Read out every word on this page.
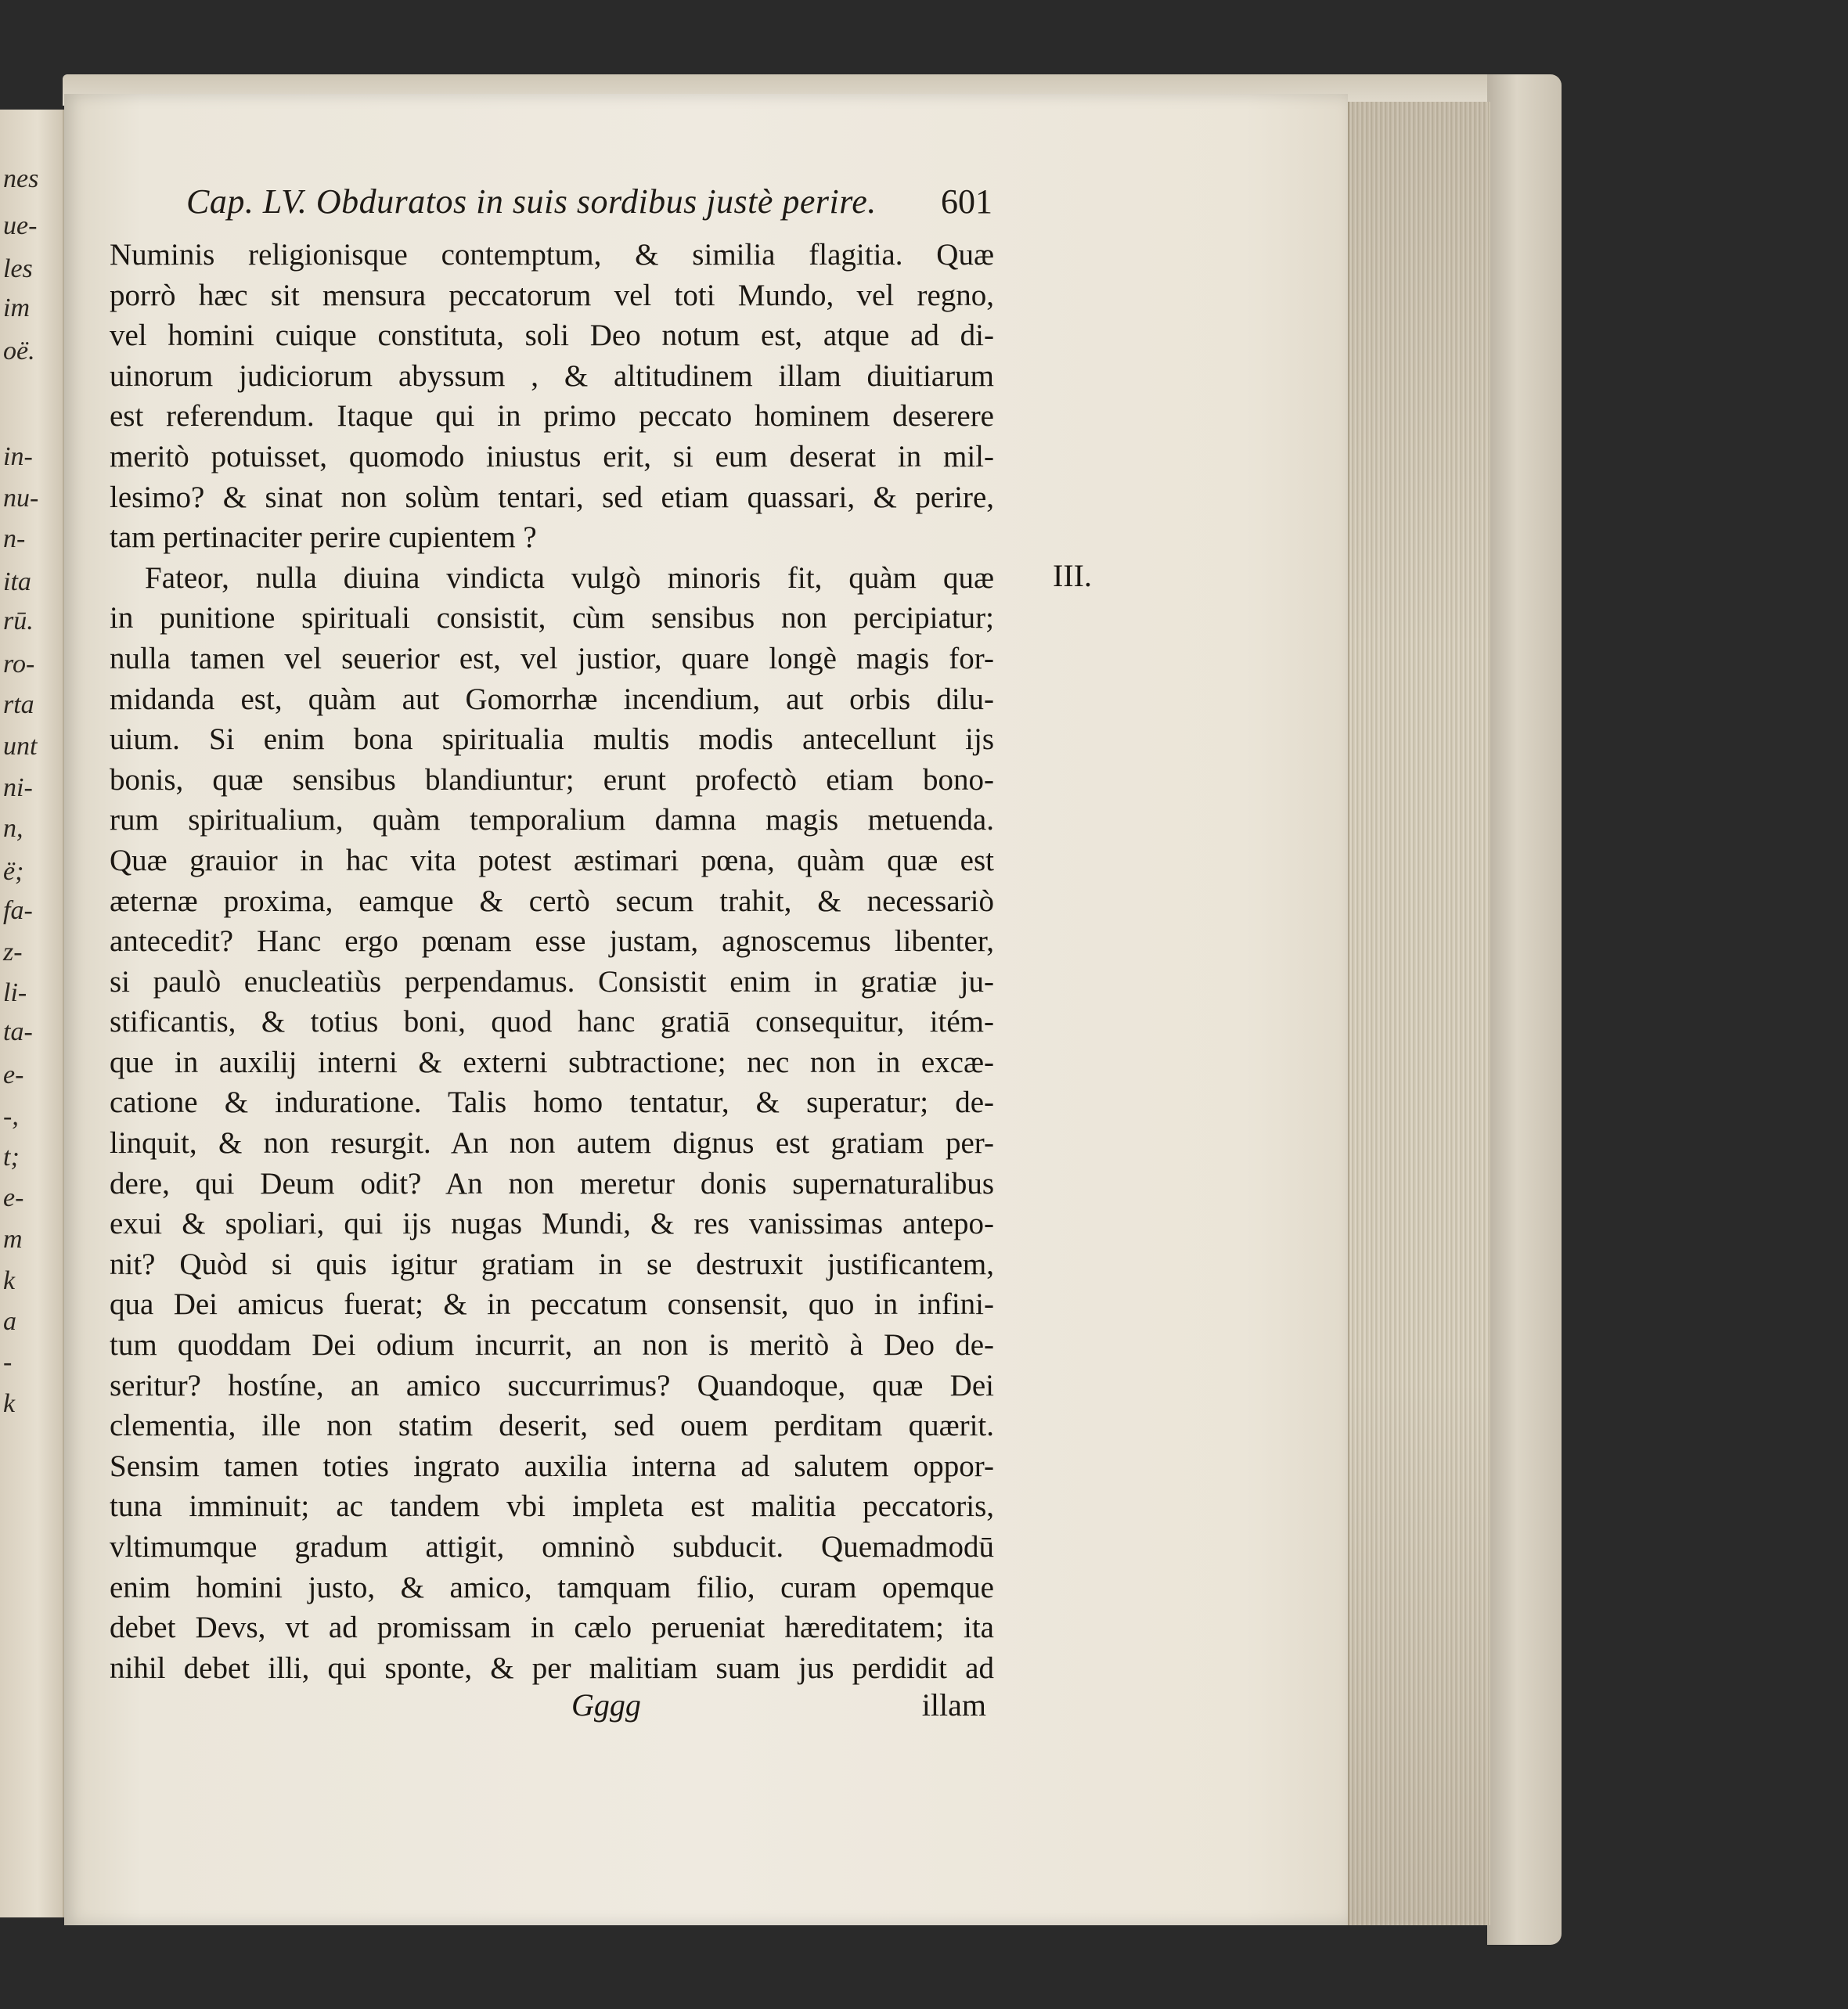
nes
ue-
les
im
oë.
in-
nu-
n-
ita
rū.
ro-
rta
unt
ni-
n,
ë;
fa-
z-
li-
ta-
e-
-,
t;
e-
m
k
a
-
k
Cap. LV. Obduratos in suis sordibus justè perire. 601
Numinis religionisque contemptum, & similia flagitia. Quæ
porrò hæc sit mensura peccatorum vel toti Mundo, vel regno,
vel homini cuique constituta, soli Deo notum est, atque ad di-
uinorum judiciorum abyssum , & altitudinem illam diuitiarum
est referendum. Itaque qui in primo peccato hominem deserere
meritò potuisset, quomodo iniustus erit, si eum deserat in mil-
lesimo? & sinat non solùm tentari, sed etiam quassari, & perire,
tam pertinaciter perire cupientem ?
Fateor, nulla diuina vindicta vulgò minoris fit, quàm quæ
in punitione spirituali consistit, cùm sensibus non percipiatur;
nulla tamen vel seuerior est, vel justior, quare longè magis for-
midanda est, quàm aut Gomorrhæ incendium, aut orbis dilu-
uium. Si enim bona spiritualia multis modis antecellunt ijs
bonis, quæ sensibus blandiuntur; erunt profectò etiam bono-
rum spiritualium, quàm temporalium damna magis metuenda.
Quæ grauior in hac vita potest æstimari pœna, quàm quæ est
æternæ proxima, eamque & certò secum trahit, & necessariò
antecedit? Hanc ergo pœnam esse justam, agnoscemus libenter,
si paulò enucleatiùs perpendamus. Consistit enim in gratiæ ju-
stificantis, & totius boni, quod hanc gratiā consequitur, itém-
que in auxilij interni & externi subtractione; nec non in excæ-
catione & induratione. Talis homo tentatur, & superatur; de-
linquit, & non resurgit. An non autem dignus est gratiam per-
dere, qui Deum odit? An non meretur donis supernaturalibus
exui & spoliari, qui ijs nugas Mundi, & res vanissimas antepo-
nit? Quòd si quis igitur gratiam in se destruxit justificantem,
qua Dei amicus fuerat; & in peccatum consensit, quo in infini-
tum quoddam Dei odium incurrit, an non is meritò à Deo de-
seritur? hostíne, an amico succurrimus? Quandoque, quæ Dei
clementia, ille non statim deserit, sed ouem perditam quærit.
Sensim tamen toties ingrato auxilia interna ad salutem oppor-
tuna imminuit; ac tandem vbi impleta est malitia peccatoris,
vltimumque gradum attigit, omninò subducit. Quemadmodū
enim homini justo, & amico, tamquam filio, curam opemque
debet Devs, vt ad promissam in cælo perueniat hæreditatem; ita
nihil debet illi, qui sponte, & per malitiam suam jus perdidit ad
III.
Gggg	illam
